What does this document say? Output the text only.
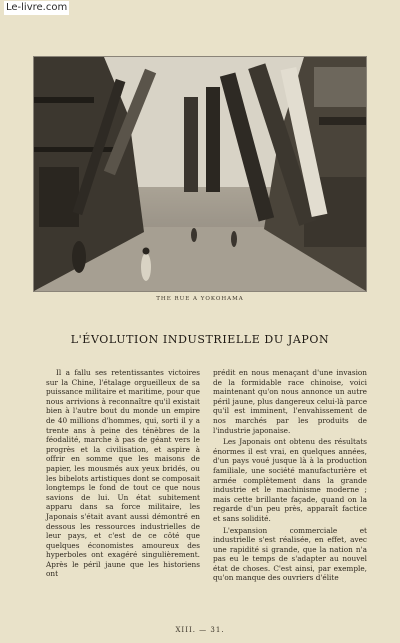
Le-livre.com
THE RUE A YOKOHAMA
L'ÉVOLUTION INDUSTRIELLE DU JAPON

Il a fallu ses retentissantes victoires sur la Chine, l'étalage orgueilleux de sa puissance militaire et maritime, pour que nous arrivions à reconnaître qu'il existait bien à l'autre bout du monde un empire de 40 millions d'hommes, qui, sorti il y a trente ans à peine des ténèbres de la féodalité, marche à pas de géant vers le progrès et la civilisation, et aspire à offrir en somme que les maisons de papier, les mousmés aux yeux bridés, ou les bibelots artistiques dont se composait longtemps le fond de tout ce que nous savions de lui. Un état subitement apparu dans sa force militaire, les Japonais s'était avant aussi démontré en dessous les ressources industrielles de leur pays, et c'est de ce côté que quelques économistes amoureux des hyperboles ont exagéré singulièrement. Après le péril jaune que les historiens ont

prédit en nous menaçant d'une invasion de la formidable race chinoise, voici maintenant qu'on nous annonce un autre péril jaune, plus dangereux celui-là parce qu'il est imminent, l'envahissement de nos marchés par les produits de l'industrie japonaise.

Les Japonais ont obtenu des résultats énormes il est vrai, en quelques années, d'un pays voué jusque là à la production familiale, une société manufacturière et armée complètement dans la grande industrie et le machinisme moderne ; mais cette brillante façade, quand on la regarde d'un peu près, apparaît factice et sans solidité.

L'expansion commerciale et industrielle s'est réalisée, en effet, avec une rapidité si grande, que la nation n'a pas eu le temps de s'adapter au nouvel état de choses. C'est ainsi, par exemple, qu'on manque des ouvriers d'élite

XIII. — 31.
